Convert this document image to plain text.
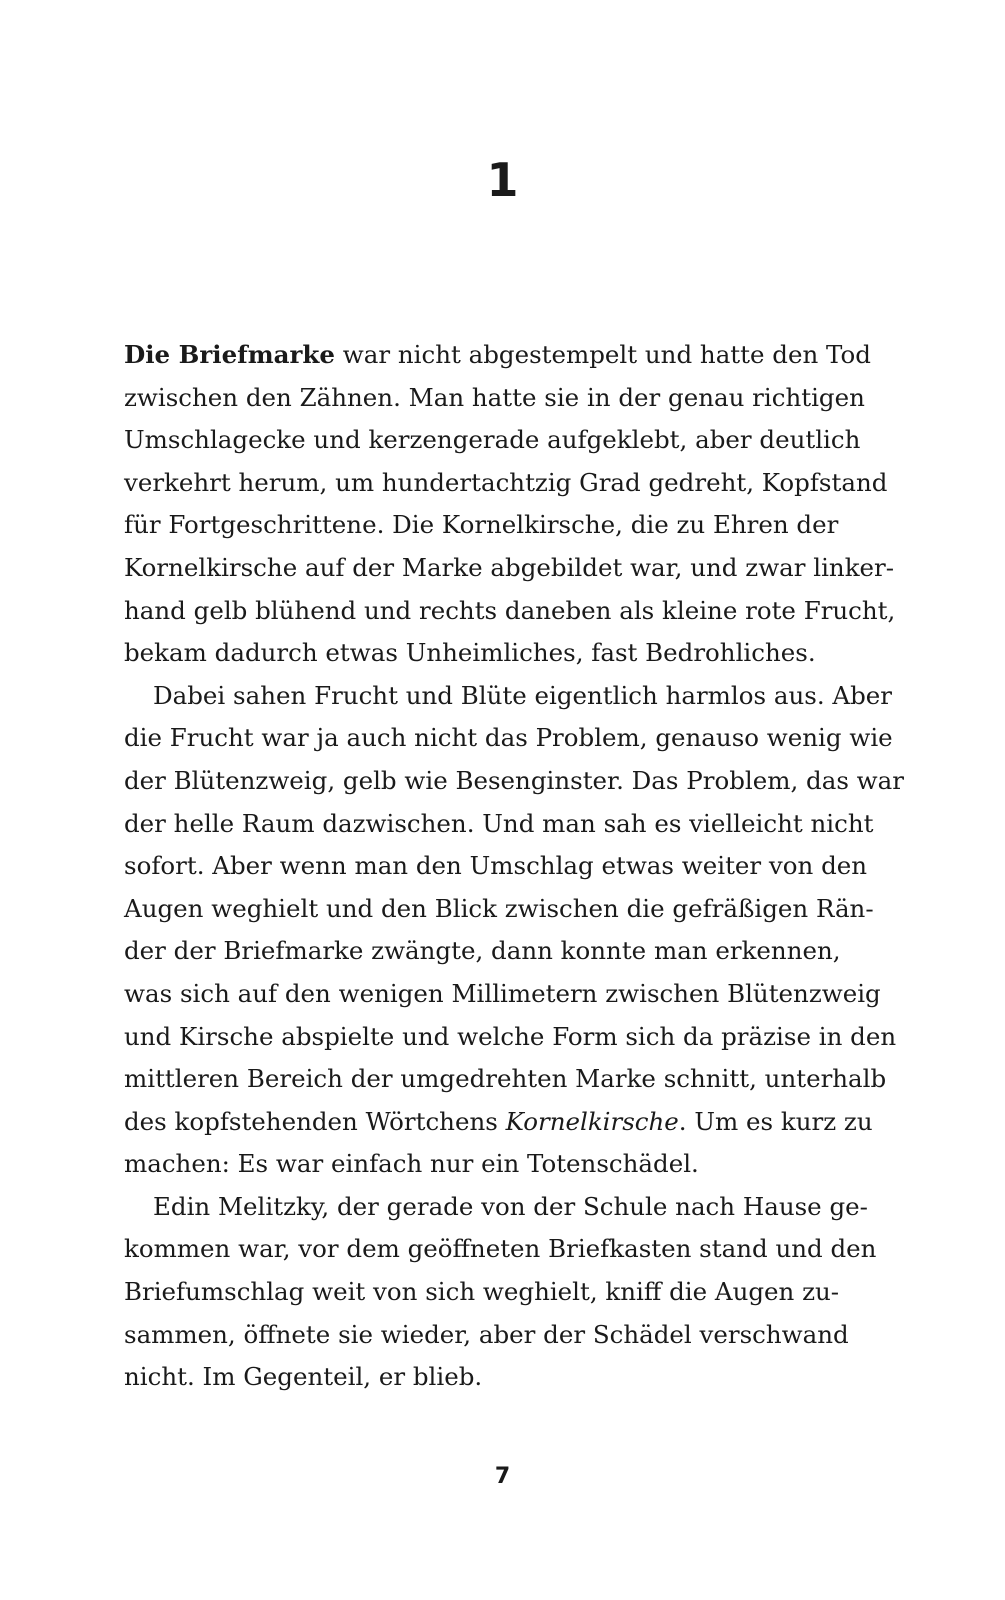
1
Die Briefmarke war nicht abgestempelt und hatte den Tod
zwischen den Zähnen. Man hatte sie in der genau richtigen
Umschlagecke und kerzengerade aufgeklebt, aber deutlich
verkehrt herum, um hundertachtzig Grad gedreht, Kopfstand
für Fortgeschrittene. Die Kornelkirsche, die zu Ehren der
Kornelkirsche auf der Marke abgebildet war, und zwar linker-
hand gelb blühend und rechts daneben als kleine rote Frucht,
bekam dadurch etwas Unheimliches, fast Bedrohliches.
Dabei sahen Frucht und Blüte eigentlich harmlos aus. Aber
die Frucht war ja auch nicht das Problem, genauso wenig wie
der Blütenzweig, gelb wie Besenginster. Das Problem, das war
der helle Raum dazwischen. Und man sah es vielleicht nicht
sofort. Aber wenn man den Umschlag etwas weiter von den
Augen weghielt und den Blick zwischen die gefräßigen Rän-
der der Briefmarke zwängte, dann konnte man erkennen,
was sich auf den wenigen Millimetern zwischen Blütenzweig
und Kirsche abspielte und welche Form sich da präzise in den
mittleren Bereich der umgedrehten Marke schnitt, unterhalb
des kopfstehenden Wörtchens Kornelkirsche. Um es kurz zu
machen: Es war einfach nur ein Totenschädel.
Edin Melitzky, der gerade von der Schule nach Hause ge-
kommen war, vor dem geöffneten Briefkasten stand und den
Briefumschlag weit von sich weghielt, kniff die Augen zu-
sammen, öffnete sie wieder, aber der Schädel verschwand
nicht. Im Gegenteil, er blieb.
7
